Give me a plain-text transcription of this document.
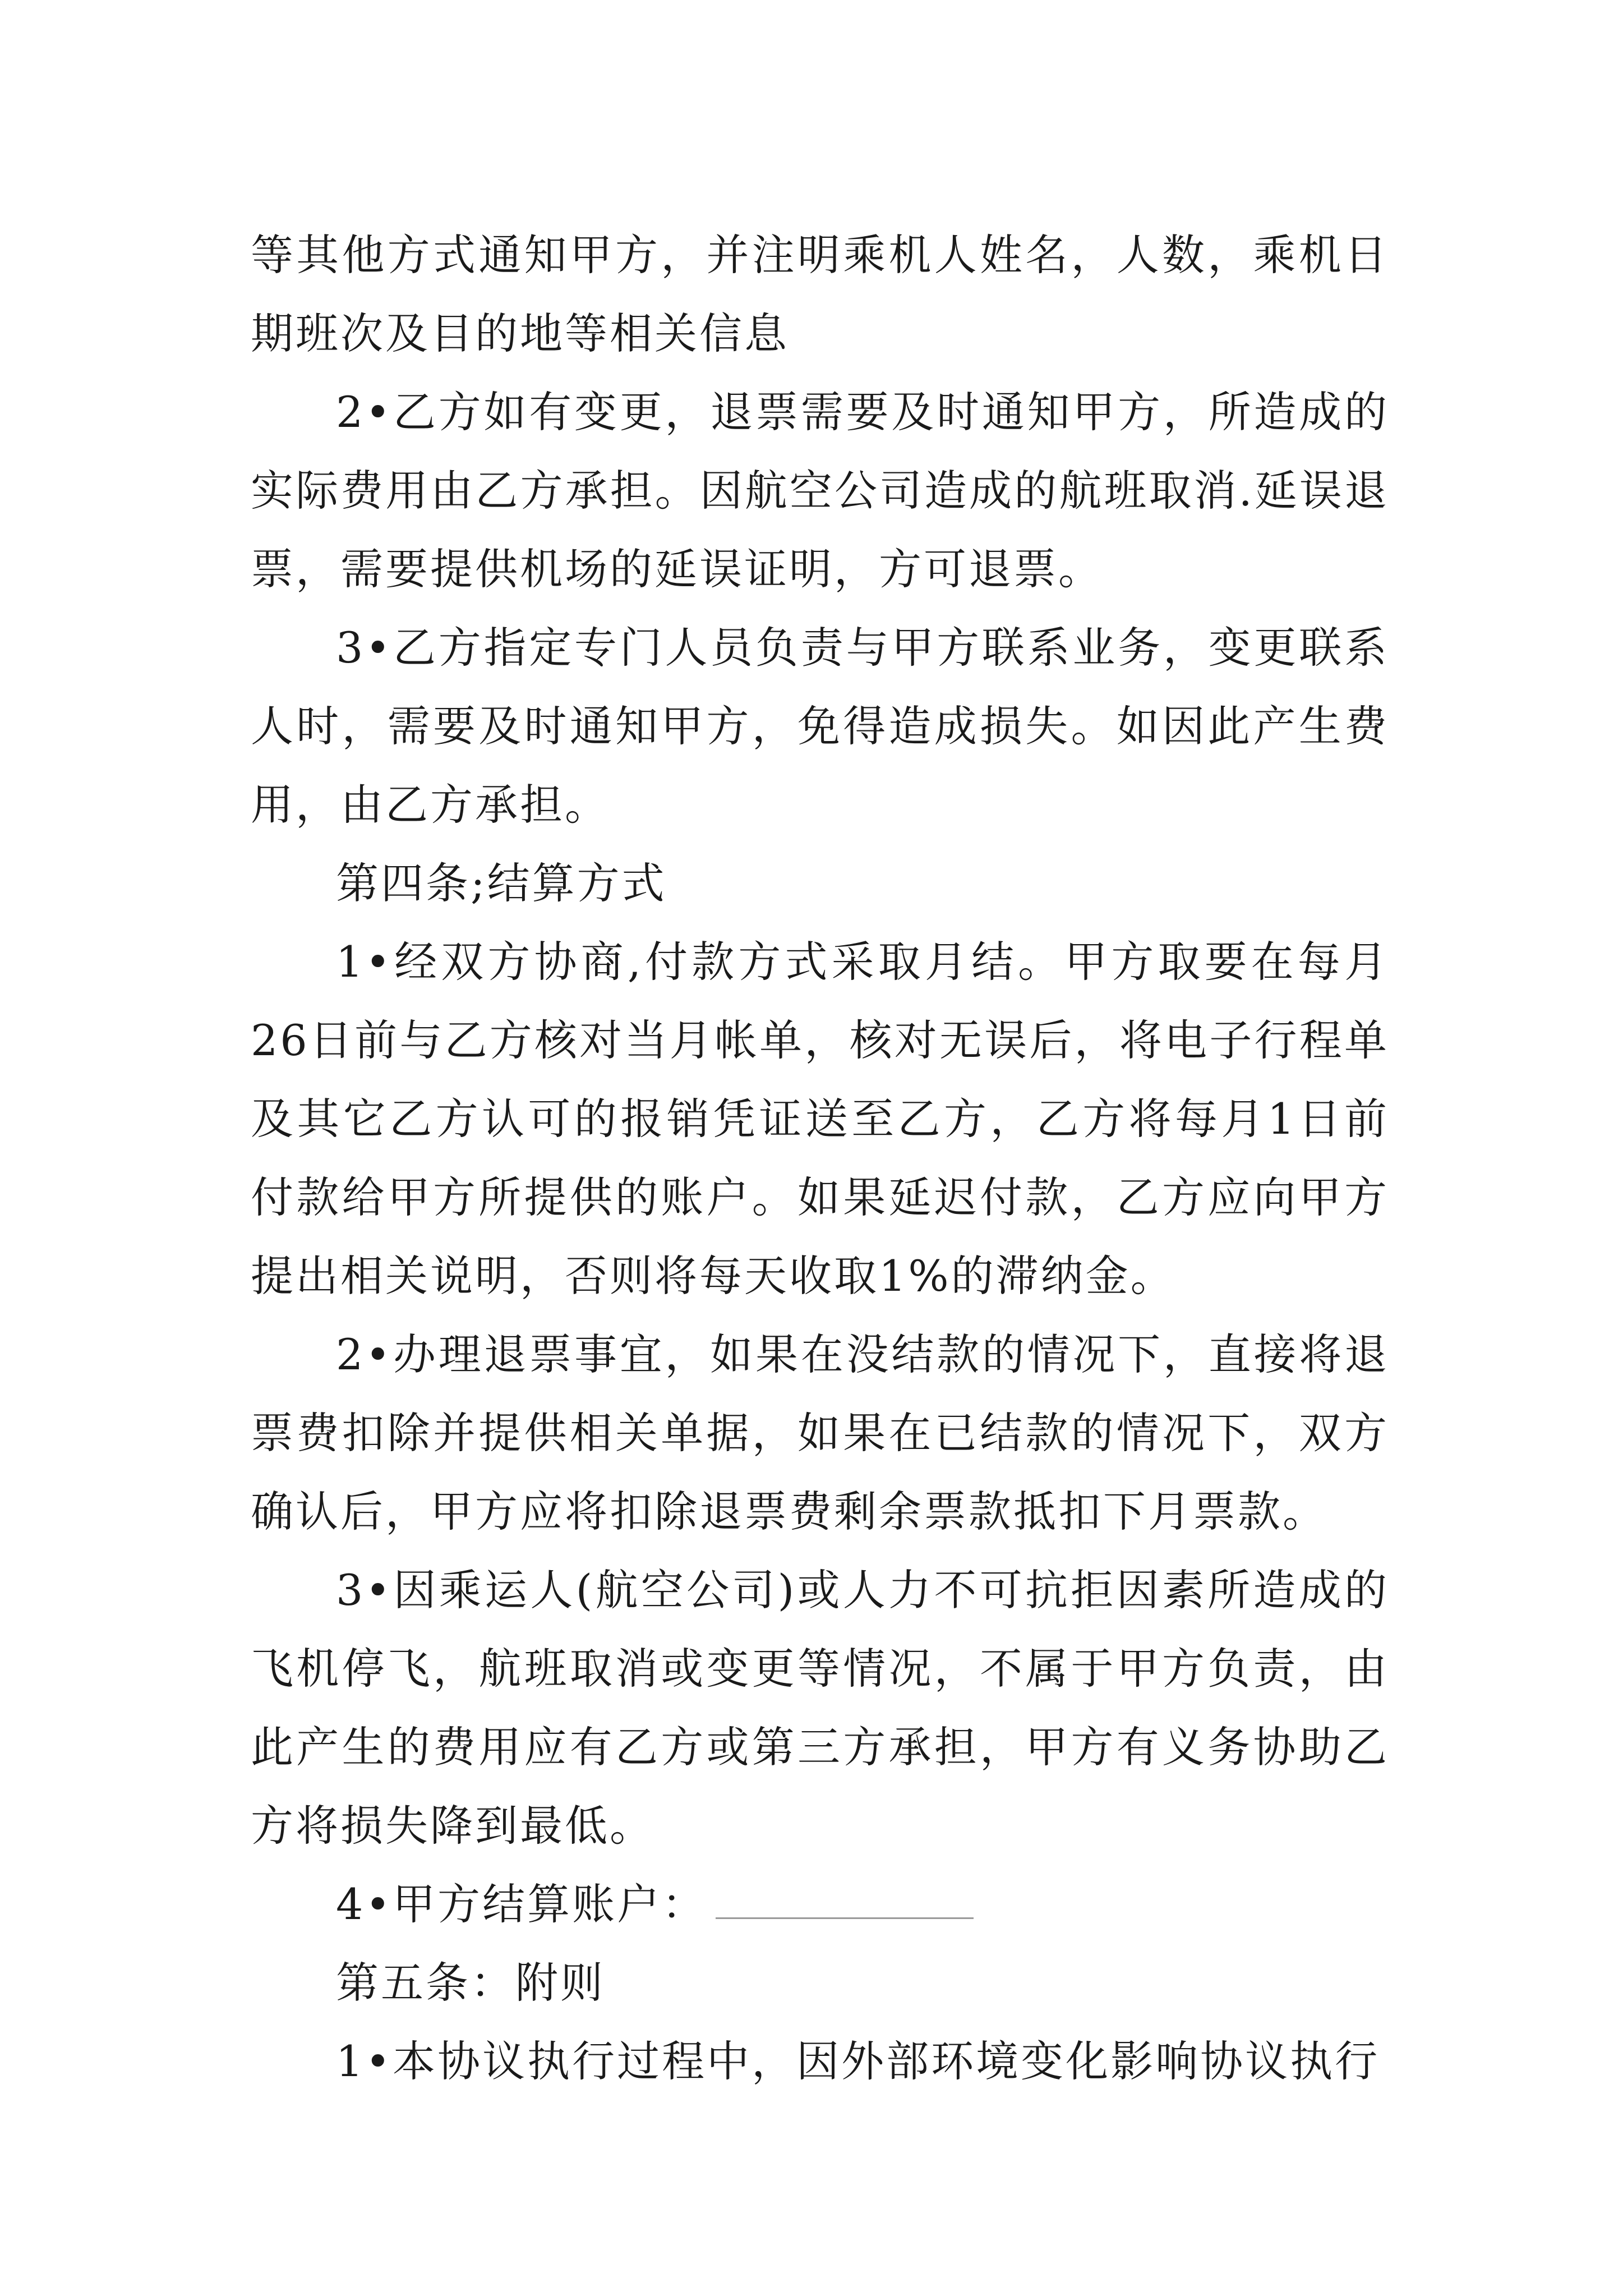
等其他方式通知甲方，并注明乘机人姓名，人数，乘机日期班次及目的地等相关信息

2•乙方如有变更，退票需要及时通知甲方，所造成的实际费用由乙方承担。因航空公司造成的航班取消.延误退票，需要提供机场的延误证明，方可退票。

3•乙方指定专门人员负责与甲方联系业务，变更联系人时，需要及时通知甲方，免得造成损失。如因此产生费用，由乙方承担。

第四条;结算方式

1•经双方协商,付款方式采取月结。甲方取要在每月26日前与乙方核对当月帐单，核对无误后，将电子行程单及其它乙方认可的报销凭证送至乙方，乙方将每月1日前付款给甲方所提供的账户。如果延迟付款，乙方应向甲方提出相关说明，否则将每天收取1%的滞纳金。

2•办理退票事宜，如果在没结款的情况下，直接将退票费扣除并提供相关单据，如果在已结款的情况下，双方确认后，甲方应将扣除退票费剩余票款抵扣下月票款。

3•因乘运人(航空公司)或人力不可抗拒因素所造成的飞机停飞，航班取消或变更等情况，不属于甲方负责，由此产生的费用应有乙方或第三方承担，甲方有义务协助乙方将损失降到最低。

4•甲方结算账户：

第五条：附则

1•本协议执行过程中，因外部环境变化影响协议执行
